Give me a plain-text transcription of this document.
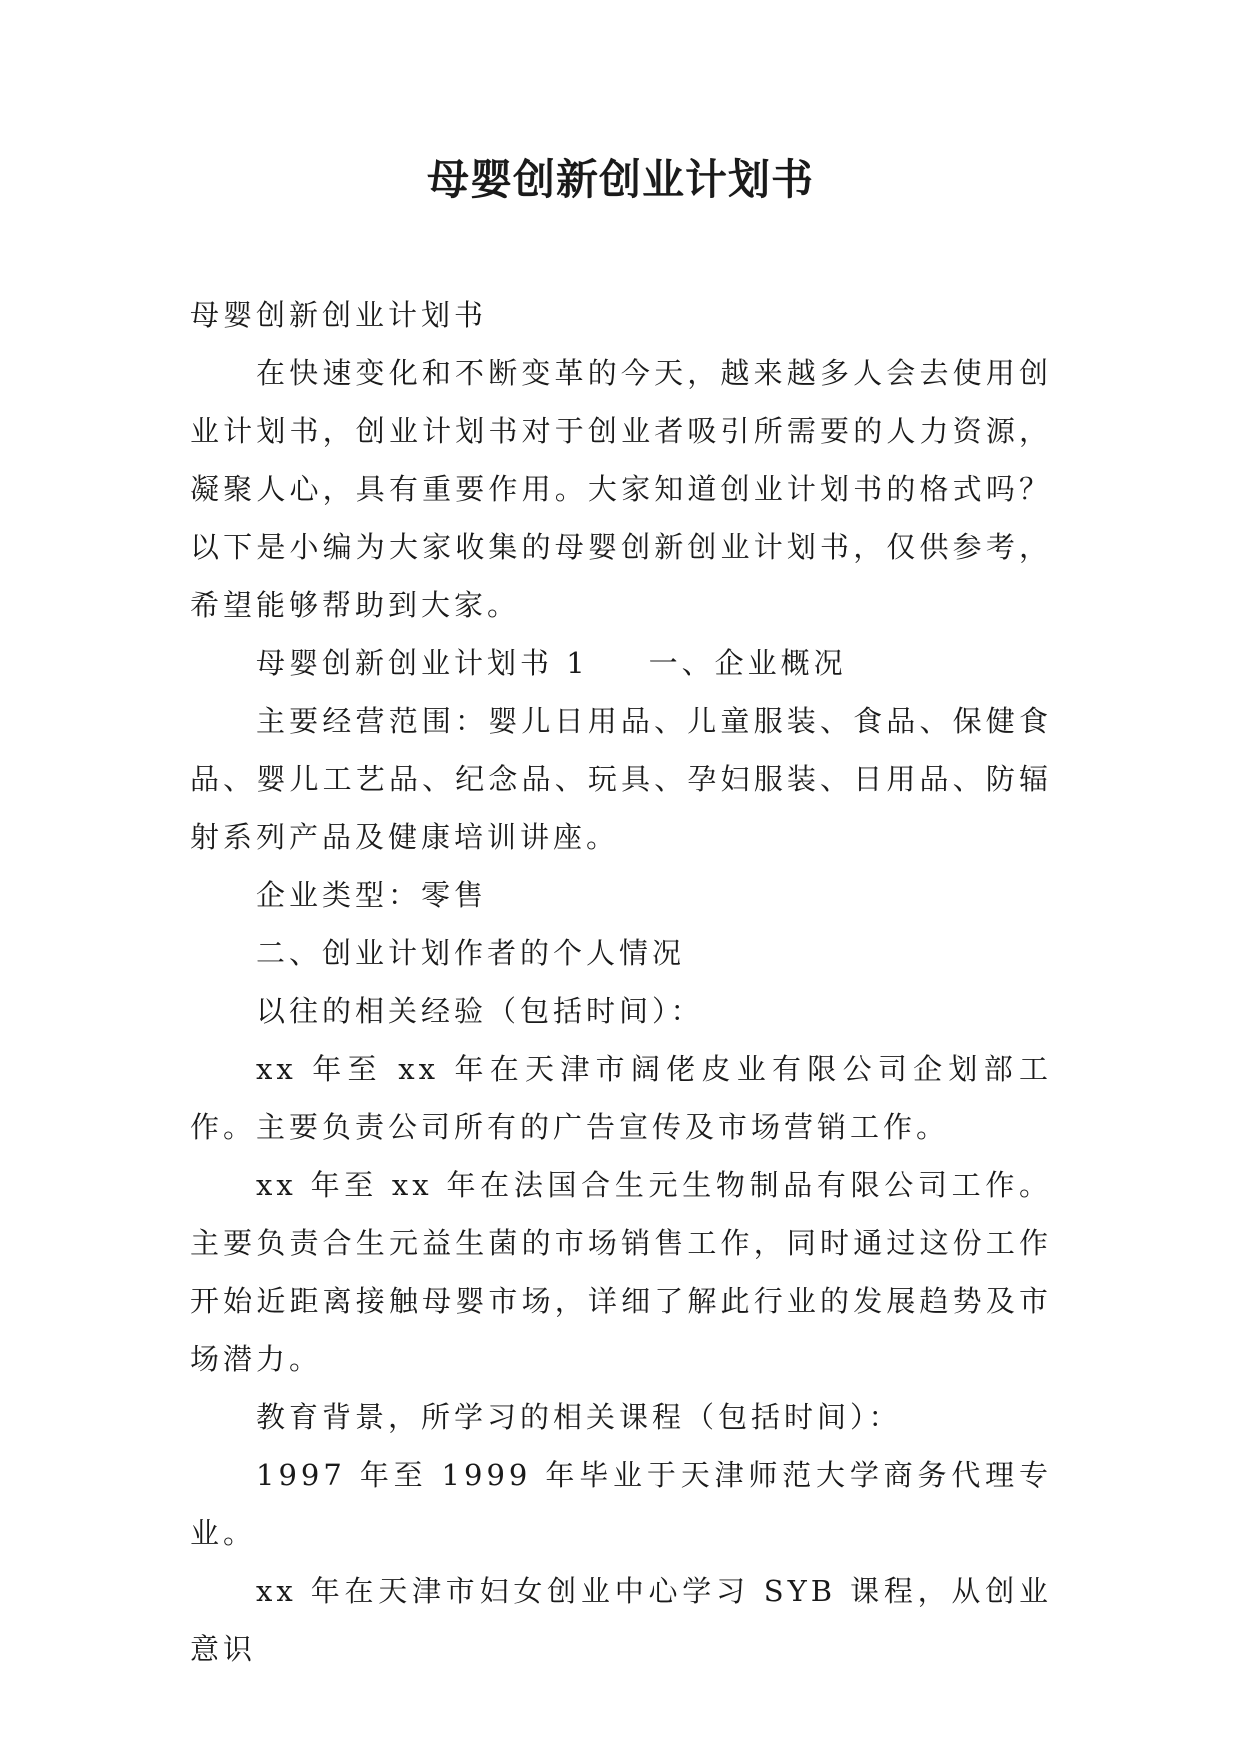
母婴创新创业计划书

母婴创新创业计划书

在快速变化和不断变革的今天，越来越多人会去使用创业计划书，创业计划书对于创业者吸引所需要的人力资源，凝聚人心，具有重要作用。大家知道创业计划书的格式吗？以下是小编为大家收集的母婴创新创业计划书，仅供参考，希望能够帮助到大家。

母婴创新创业计划书 1 一、企业概况

主要经营范围：婴儿日用品、儿童服装、食品、保健食品、婴儿工艺品、纪念品、玩具、孕妇服装、日用品、防辐射系列产品及健康培训讲座。

企业类型：零售

二、创业计划作者的个人情况

以往的相关经验（包括时间）：

xx 年至 xx 年在天津市阔佬皮业有限公司企划部工作。主要负责公司所有的广告宣传及市场营销工作。

xx 年至 xx 年在法国合生元生物制品有限公司工作。主要负责合生元益生菌的市场销售工作，同时通过这份工作开始近距离接触母婴市场，详细了解此行业的发展趋势及市场潜力。

教育背景，所学习的相关课程（包括时间）：

1997 年至 1999 年毕业于天津师范大学商务代理专业。

xx 年在天津市妇女创业中心学习 SYB 课程，从创业意识
